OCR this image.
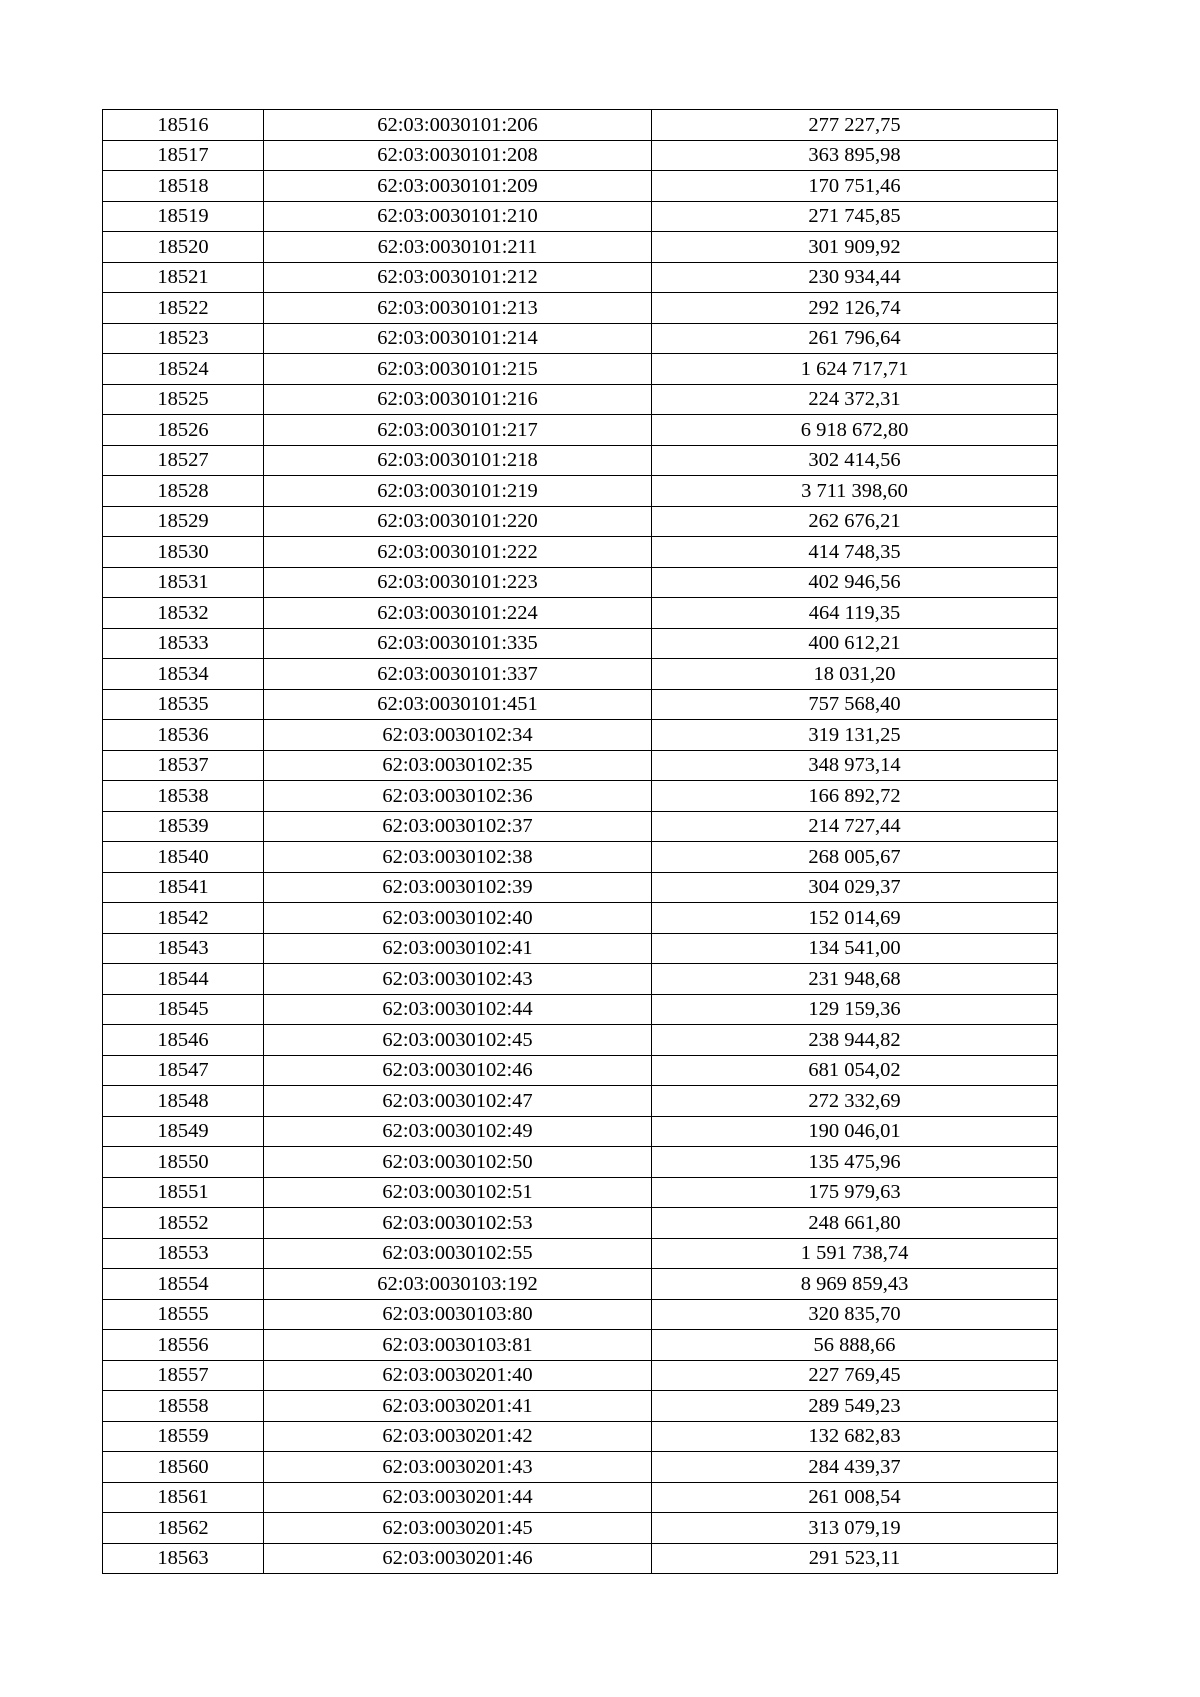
18516	62:03:0030101:206	277 227,75
18517	62:03:0030101:208	363 895,98
18518	62:03:0030101:209	170 751,46
18519	62:03:0030101:210	271 745,85
18520	62:03:0030101:211	301 909,92
18521	62:03:0030101:212	230 934,44
18522	62:03:0030101:213	292 126,74
18523	62:03:0030101:214	261 796,64
18524	62:03:0030101:215	1 624 717,71
18525	62:03:0030101:216	224 372,31
18526	62:03:0030101:217	6 918 672,80
18527	62:03:0030101:218	302 414,56
18528	62:03:0030101:219	3 711 398,60
18529	62:03:0030101:220	262 676,21
18530	62:03:0030101:222	414 748,35
18531	62:03:0030101:223	402 946,56
18532	62:03:0030101:224	464 119,35
18533	62:03:0030101:335	400 612,21
18534	62:03:0030101:337	18 031,20
18535	62:03:0030101:451	757 568,40
18536	62:03:0030102:34	319 131,25
18537	62:03:0030102:35	348 973,14
18538	62:03:0030102:36	166 892,72
18539	62:03:0030102:37	214 727,44
18540	62:03:0030102:38	268 005,67
18541	62:03:0030102:39	304 029,37
18542	62:03:0030102:40	152 014,69
18543	62:03:0030102:41	134 541,00
18544	62:03:0030102:43	231 948,68
18545	62:03:0030102:44	129 159,36
18546	62:03:0030102:45	238 944,82
18547	62:03:0030102:46	681 054,02
18548	62:03:0030102:47	272 332,69
18549	62:03:0030102:49	190 046,01
18550	62:03:0030102:50	135 475,96
18551	62:03:0030102:51	175 979,63
18552	62:03:0030102:53	248 661,80
18553	62:03:0030102:55	1 591 738,74
18554	62:03:0030103:192	8 969 859,43
18555	62:03:0030103:80	320 835,70
18556	62:03:0030103:81	56 888,66
18557	62:03:0030201:40	227 769,45
18558	62:03:0030201:41	289 549,23
18559	62:03:0030201:42	132 682,83
18560	62:03:0030201:43	284 439,37
18561	62:03:0030201:44	261 008,54
18562	62:03:0030201:45	313 079,19
18563	62:03:0030201:46	291 523,11
